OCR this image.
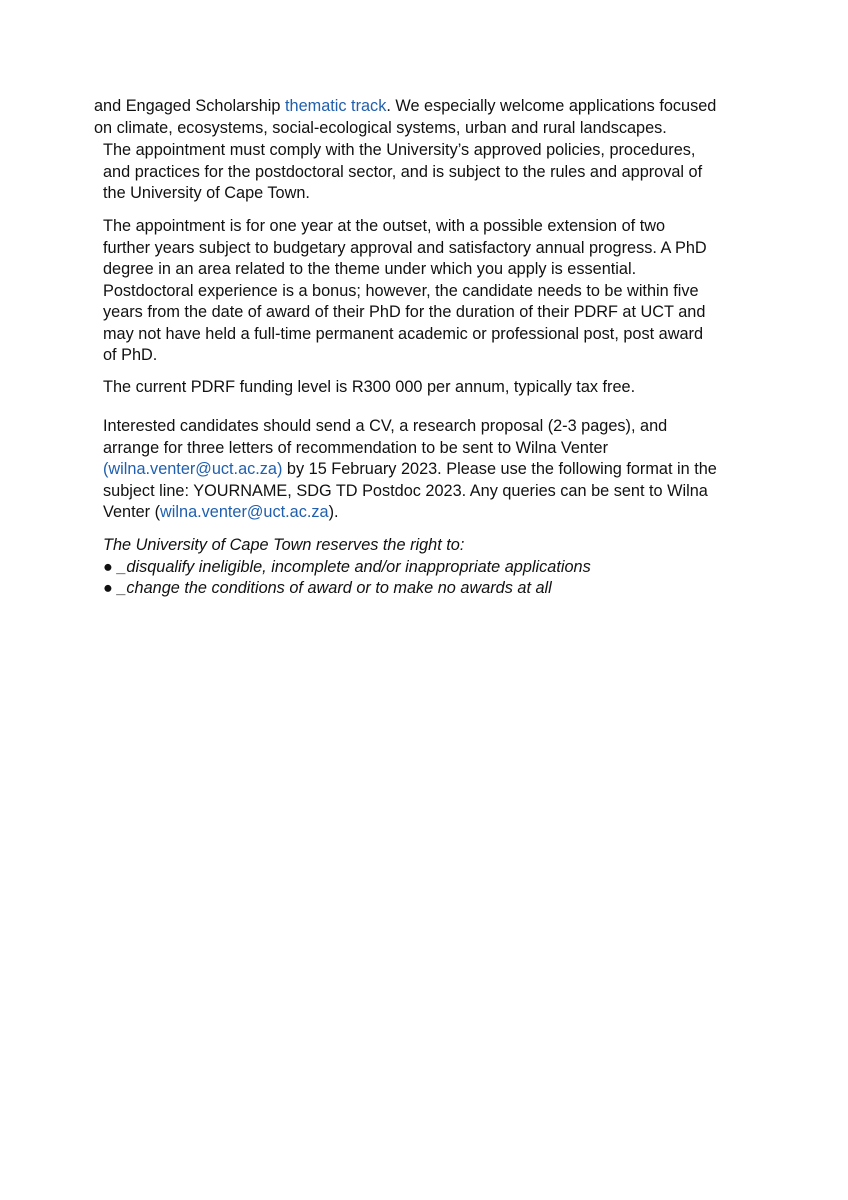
and Engaged Scholarship thematic track. We especially welcome applications focused
on climate, ecosystems, social-ecological systems, urban and rural landscapes.

The appointment must comply with the University’s approved policies, procedures,
and practices for the postdoctoral sector, and is subject to the rules and approval of
the University of Cape Town.

The appointment is for one year at the outset, with a possible extension of two
further years subject to budgetary approval and satisfactory annual progress. A PhD
degree in an area related to the theme under which you apply is essential.
Postdoctoral experience is a bonus; however, the candidate needs to be within five
years from the date of award of their PhD for the duration of their PDRF at UCT and
may not have held a full-time permanent academic or professional post, post award
of PhD.

The current PDRF funding level is R300 000 per annum, typically tax free.

Interested candidates should send a CV, a research proposal (2-3 pages), and
arrange for three letters of recommendation to be sent to Wilna Venter
(wilna.venter@uct.ac.za) by 15 February 2023. Please use the following format in the
subject line: YOURNAME, SDG TD Postdoc 2023. Any queries can be sent to Wilna
Venter (wilna.venter@uct.ac.za).

The University of Cape Town reserves the right to:
● _disqualify ineligible, incomplete and/or inappropriate applications
● _change the conditions of award or to make no awards at all
